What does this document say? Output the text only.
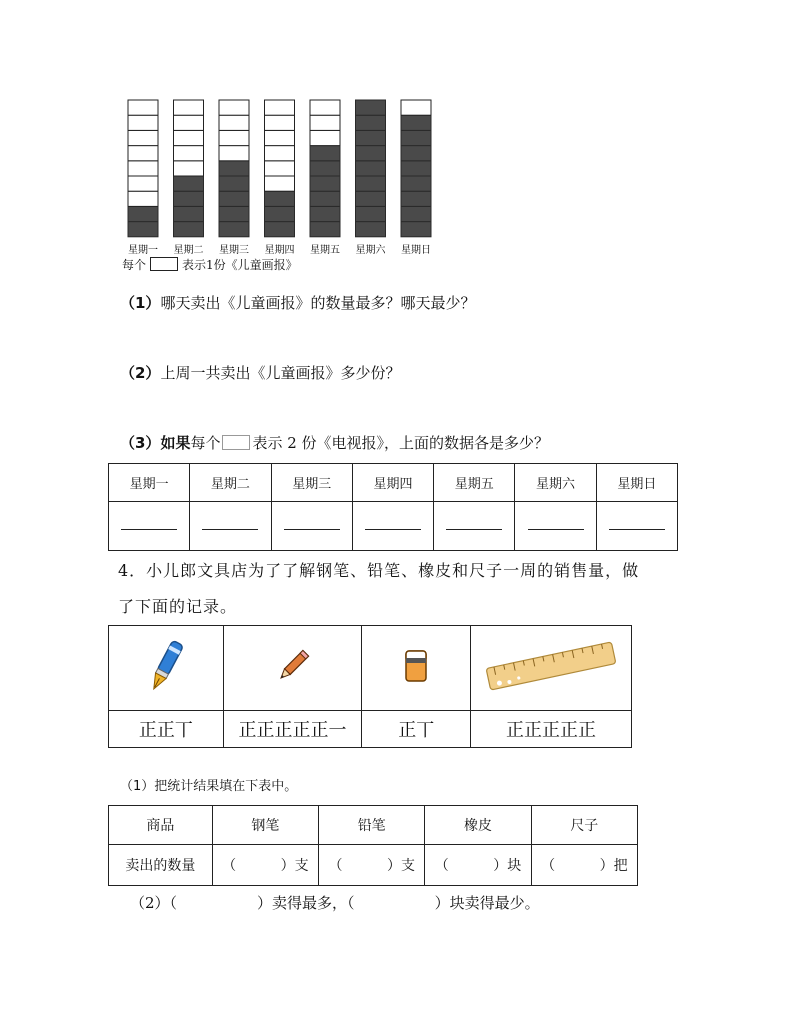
星期一 星期二 星期三 星期四 星期五 星期六 星期日
每个	表示1份《儿童画报》
（1）哪天卖出《儿童画报》的数量最多？哪天最少？
（2）上周一共卖出《儿童画报》多少份？
（3）如果每个 表示 2 份《电视报》，上面的数据各是多少？
星期一	星期二	星期三	星期四	星期五	星期六	星期日

4．小儿郎文具店为了了解钢笔、铅笔、橡皮和尺子一周的销售量，做
了下面的记录。

正正丅	正正正正正一	正丅	正正正正正
（1）把统计结果填在下表中。
商品	钢笔	铅笔	橡皮	尺子
卖出的数量	（          ）支	（          ）支	（          ）块	（          ）把
（2）（	）卖得最多，（	）块卖得最少。
